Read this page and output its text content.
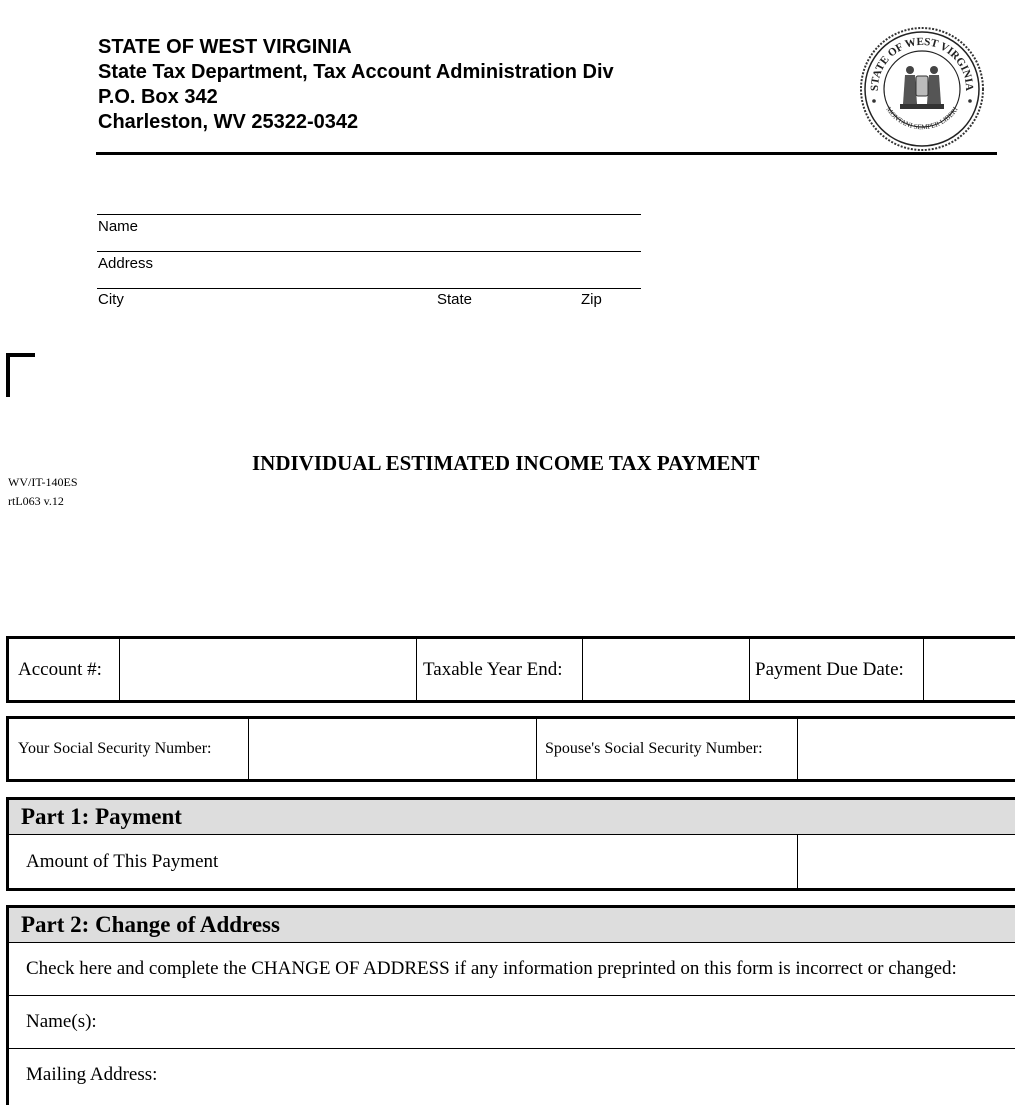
STATE OF WEST VIRGINIA
State Tax Department, Tax Account Administration Div
P.O. Box 342
Charleston, WV 25322-0342
STATE OF WEST VIRGINIA
MONTANI SEMPER LIBERI
Name
Address
City	State	Zip
INDIVIDUAL ESTIMATED INCOME TAX PAYMENT
WV/IT-140ES
rtL063 v.12
Account #:	Taxable Year End:	Payment Due Date:
Your Social Security Number:	Spouse's Social Security Number:
Part 1: Payment
Amount of This Payment
Part 2: Change of Address
Check here and complete the CHANGE OF ADDRESS if any information preprinted on this form is incorrect or changed:
Name(s):
Mailing Address:
